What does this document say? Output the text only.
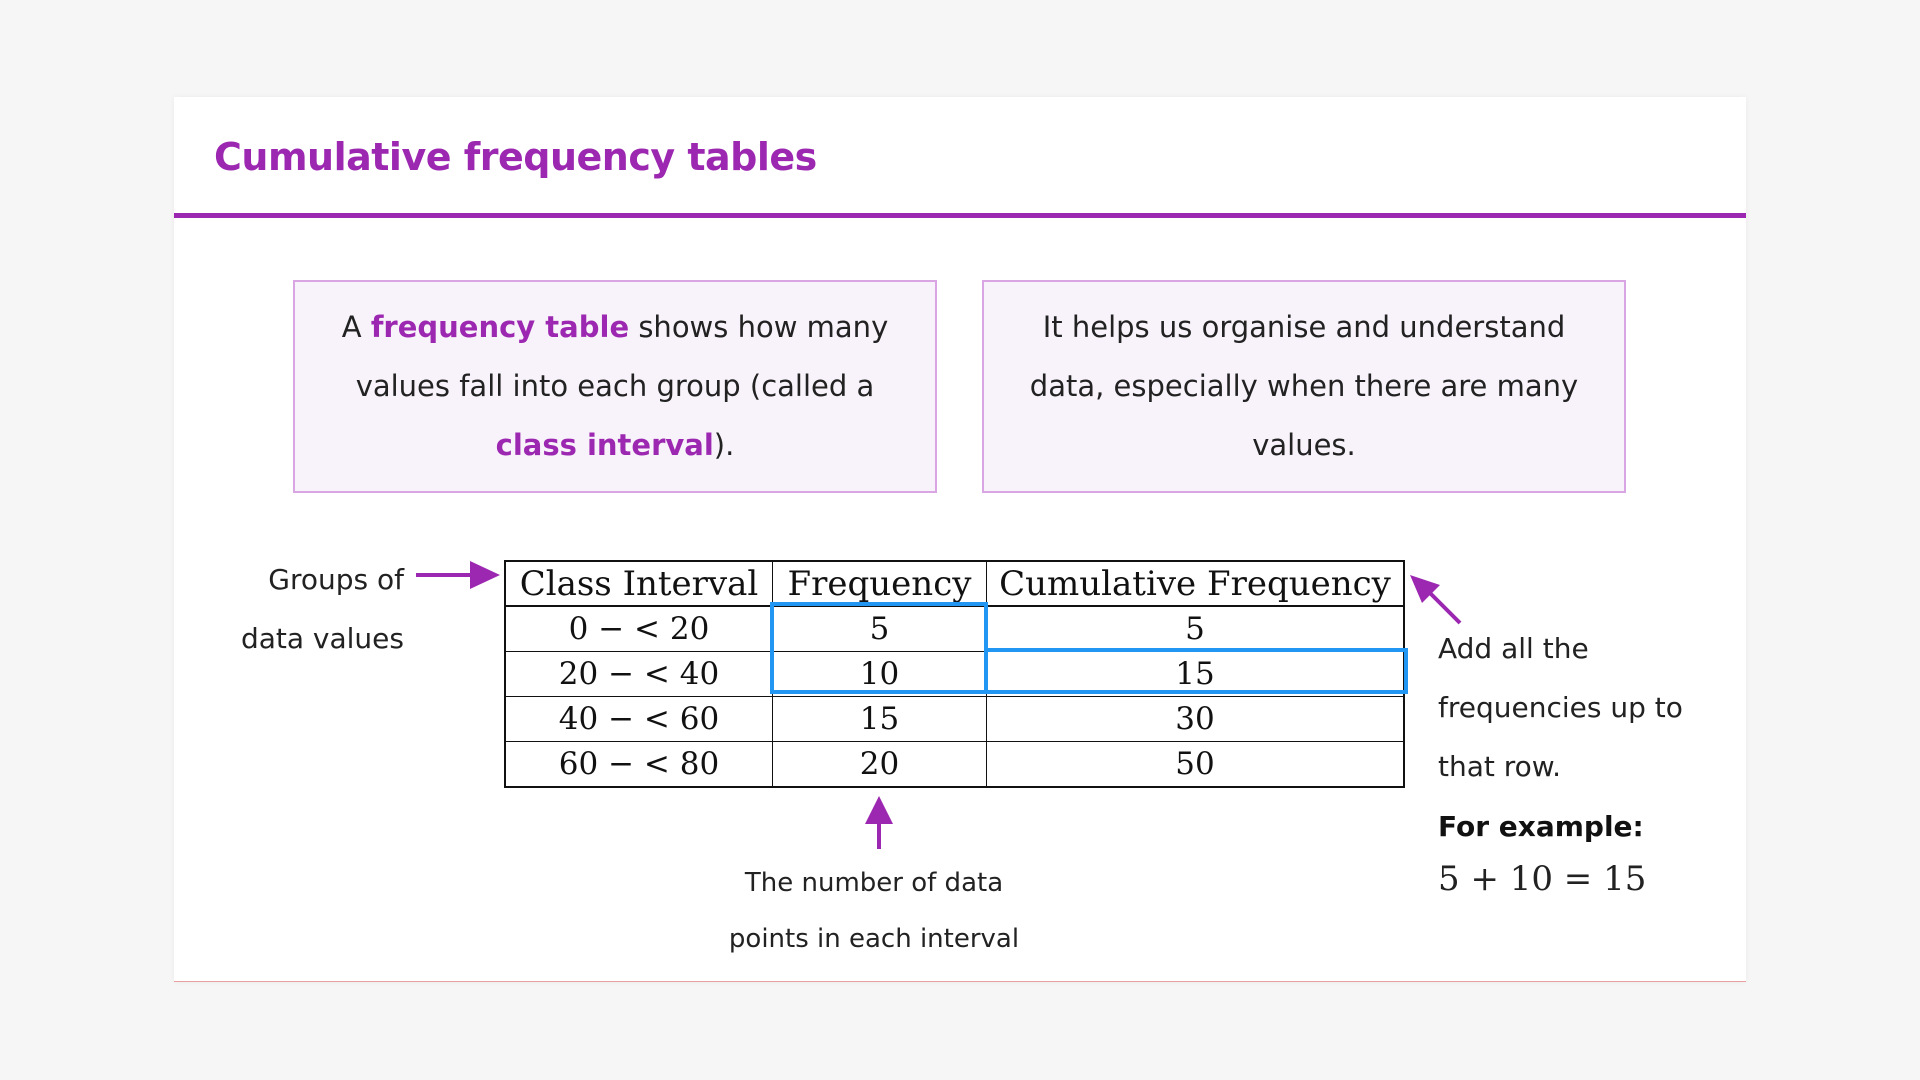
Cumulative frequency tables
A frequency table shows how many values fall into each group (called a class interval).
It helps us organise and understand data, especially when there are many values.
Groups of
data values
Class Interval	Frequency	Cumulative Frequency
0 − < 20	5	5
20 − < 40	10	15
40 − < 60	15	30
60 − < 80	20	50
Add all the
frequencies up to
that row.
For example:
5 + 10 = 15
The number of data
points in each interval
